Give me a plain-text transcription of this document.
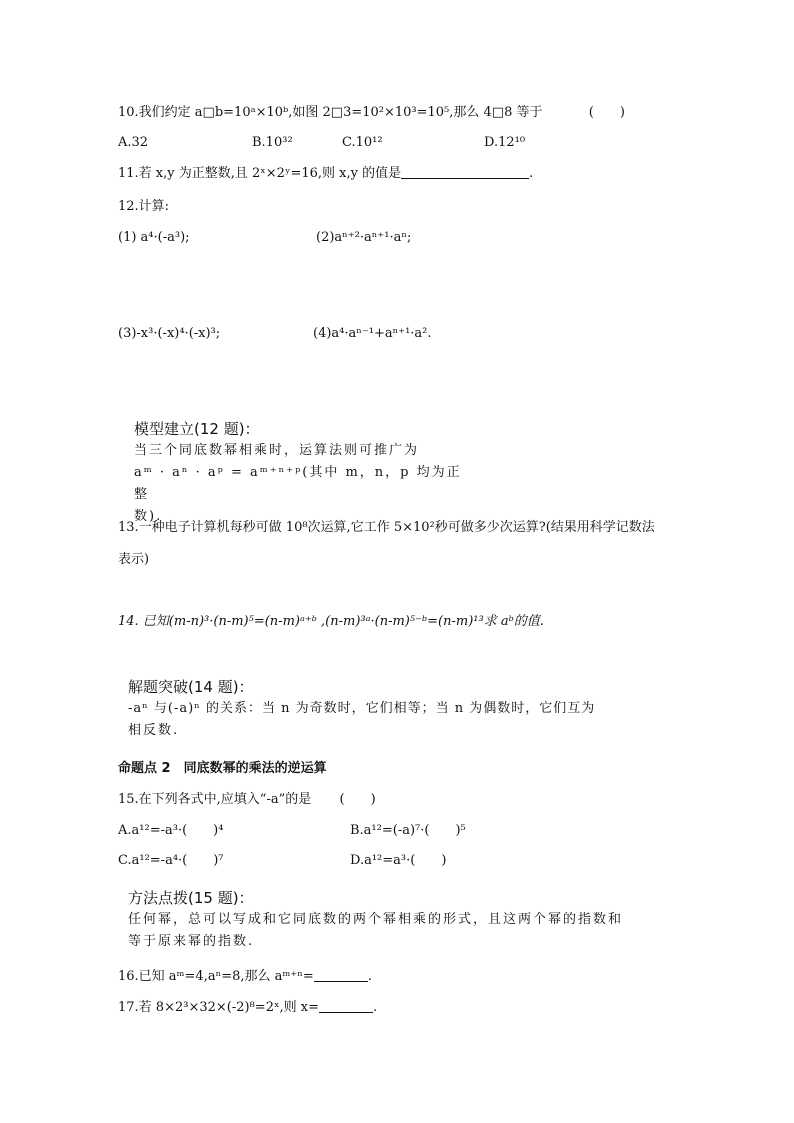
10.我们约定 a□b=10ᵃ×10ᵇ,如图 2□3=10²×10³=10⁵,那么 4□8 等于	(　　)
A.32	B.10³²	C.10¹²	D.12¹⁰
11.若 x,y 为正整数,且 2ˣ×2ʸ=16,则 x,y 的值是	.
12.计算:
(1) a⁴·(-a³);	(2)aⁿ⁺²·aⁿ⁺¹·aⁿ;
(3)-x³·(-x)⁴·(-x)³;	(4)a⁴·aⁿ⁻¹+aⁿ⁺¹·a².
模型建立(12 题)：
当三个同底数幂相乘时，运算法则可推广为
aᵐ · aⁿ · aᵖ = aᵐ⁺ⁿ⁺ᵖ(其中 m，n，p 均为正整
数).
13.一种电子计算机每秒可做 10⁸次运算,它工作 5×10²秒可做多少次运算?(结果用科学记数法
表示)
14. 已知(m-n)³·(n-m)⁵=(n-m)ᵃ⁺ᵇ ,(n-m)³ᵃ·(n-m)⁵⁻ᵇ=(n-m)¹³求 aᵇ的值.
解题突破(14 题)：
-aⁿ 与(-a)ⁿ 的关系：当 n 为奇数时，它们相等；当 n 为偶数时，它们互为
相反数.
命题点 2　同底数幂的乘法的逆运算
15.在下列各式中,应填入“-a”的是 (　　)
A.a¹²=-a³·(　　)⁴	B.a¹²=(-a)⁷·(　　)⁵
C.a¹²=-a⁴·(　　)⁷	D.a¹²=a³·(　　)
方法点拨(15 题)：
任何幂，总可以写成和它同底数的两个幂相乘的形式，且这两个幂的指数和
等于原来幂的指数.
16.已知 aᵐ=4,aⁿ=8,那么 aᵐ⁺ⁿ=	.
17.若 8×2³×32×(-2)⁸=2ˣ,则 x=	.
